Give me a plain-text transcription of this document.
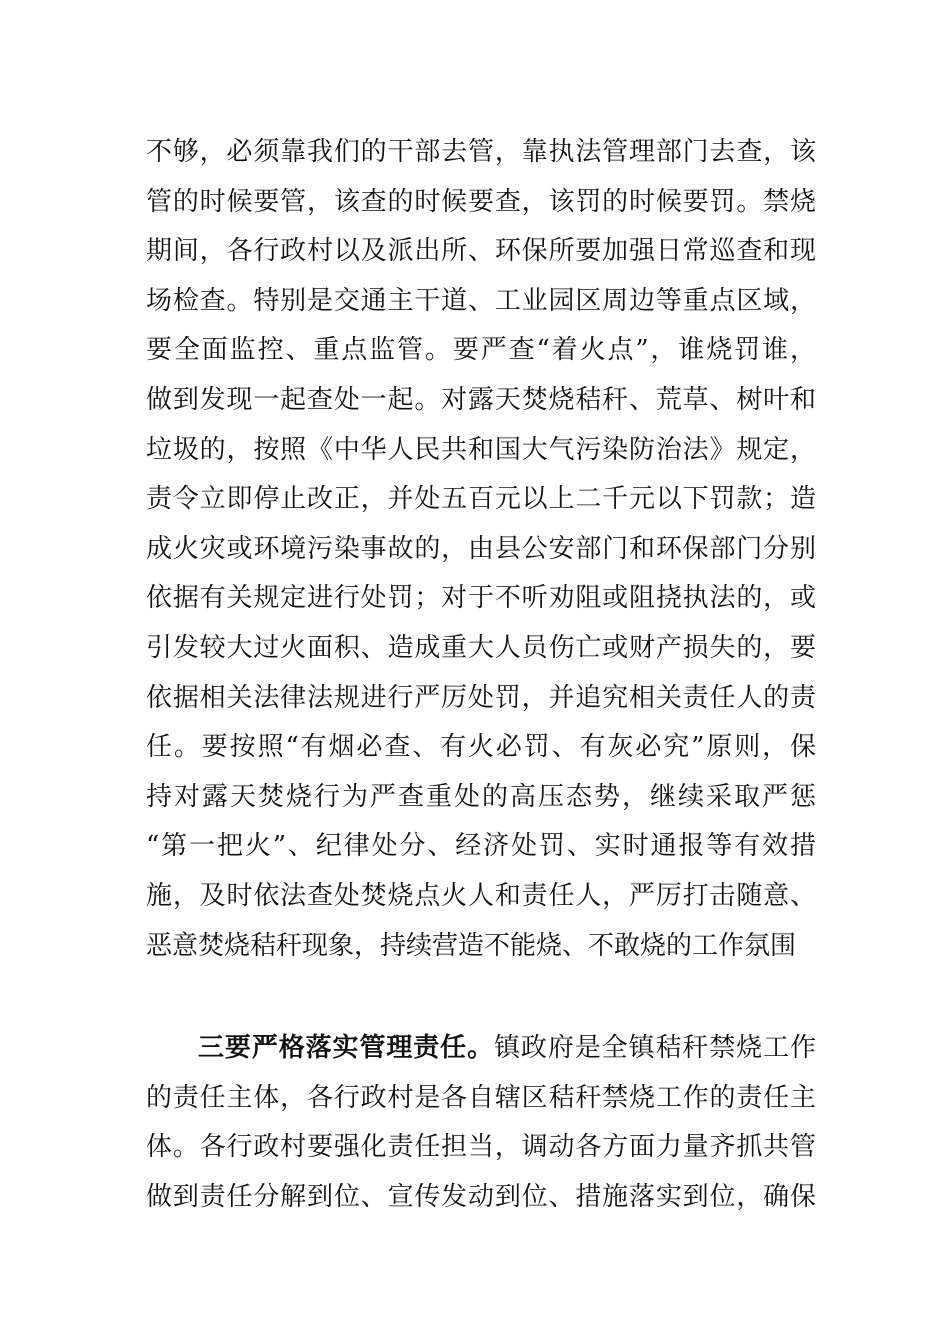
不够，必须靠我们的干部去管，靠执法管理部门去查，该
管的时候要管，该查的时候要查，该罚的时候要罚。禁烧
期间，各行政村以及派出所、环保所要加强日常巡查和现
场检查。特别是交通主干道、工业园区周边等重点区域，
要全面监控、重点监管。要严查“着火点”，谁烧罚谁，
做到发现一起查处一起。对露天焚烧秸秆、荒草、树叶和
垃圾的，按照《中华人民共和国大气污染防治法》规定，
责令立即停止改正，并处五百元以上二千元以下罚款；造
成火灾或环境污染事故的，由县公安部门和环保部门分别
依据有关规定进行处罚；对于不听劝阻或阻挠执法的，或
引发较大过火面积、造成重大人员伤亡或财产损失的，要
依据相关法律法规进行严厉处罚，并追究相关责任人的责
任。要按照“有烟必查、有火必罚、有灰必究”原则，保
持对露天焚烧行为严查重处的高压态势，继续采取严惩
“第一把火”、纪律处分、经济处罚、实时通报等有效措
施，及时依法查处焚烧点火人和责任人，严厉打击随意、
恶意焚烧秸秆现象，持续营造不能烧、不敢烧的工作氛围
三要严格落实管理责任。镇政府是全镇秸秆禁烧工作
的责任主体，各行政村是各自辖区秸秆禁烧工作的责任主
体。各行政村要强化责任担当，调动各方面力量齐抓共管
做到责任分解到位、宣传发动到位、措施落实到位，确保
